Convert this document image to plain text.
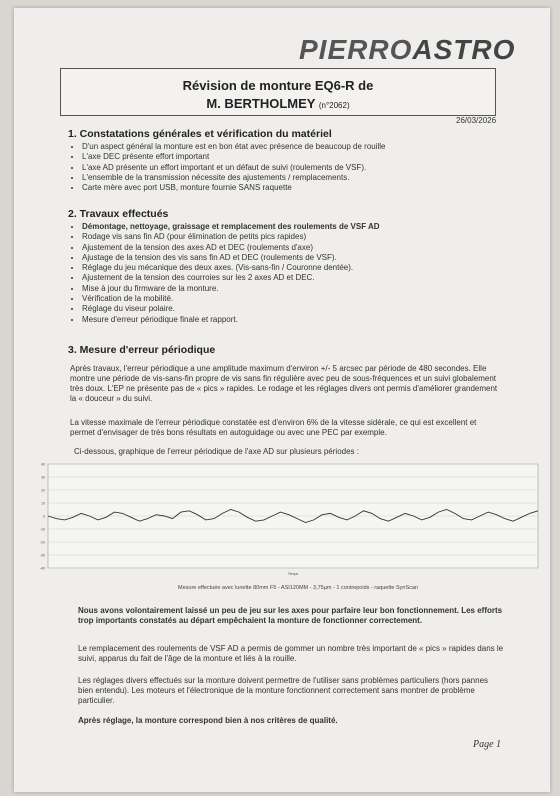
PIERROASTRO
Révision de monture EQ6-R de
M. BERTHOLMEY (n°2062)
26/03/2026
1. Constatations générales et vérification du matériel
• D'un aspect général la monture est en bon état avec présence de beaucoup de rouille
• L'axe DEC présente effort important
• L'axe AD présente un effort important et un défaut de suivi (roulements de VSF).
• L'ensemble de la transmission nécessite des ajustements / remplacements.
• Carte mère avec port USB, monture fournie SANS raquette
2. Travaux effectués
• Démontage, nettoyage, graissage et remplacement des roulements de VSF AD
• Rodage vis sans fin AD (pour élimination de petits pics rapides)
• Ajustement de la tension des axes AD et DEC (roulements d'axe)
• Ajustage de la tension des vis sans fin AD et DEC (roulements de VSF).
• Réglage du jeu mécanique des deux axes. (Vis-sans-fin / Couronne dentée).
• Ajustement de la tension des courroies sur les 2 axes AD et DEC.
• Mise à jour du firmware de la monture.
• Vérification de la mobilité.
• Réglage du viseur polaire.
• Mesure d'erreur périodique finale et rapport.
3. Mesure d'erreur périodique

Après travaux, l'erreur périodique a une amplitude maximum d'environ +/- 5 arcsec par période de 480 secondes. Elle montre une période de vis-sans-fin propre de vis sans fin régulière avec peu de sous-fréquences et un suivi globalement très doux. L'EP ne présente pas de « pics » rapides. Le rodage et les réglages divers ont permis d'améliorer grandement la « douceur » du suivi.

La vitesse maximale de l'erreur périodique constatée est d'environ 6% de la vitesse sidérale, ce qui est excellent et permet d'envisager de très bons résultats en autoguidage ou avec une PEC par exemple.

Ci-dessous, graphique de l'erreur périodique de l'axe AD sur plusieurs périodes :

40
30
20
10
0
-10
-20
-30
-40
Temps
Mesure effectuée avec lunette 80mm F5 - ASI120MM - 3,75µm - 1 contrepoids - raquette SynScan

Nous avons volontairement laissé un peu de jeu sur les axes pour parfaire leur bon fonctionnement. Les efforts trop importants constatés au départ empêchaient la monture de fonctionner correctement.

Le remplacement des roulements de VSF AD a permis de gommer un nombre très important de « pics » rapides dans le suivi, apparus du fait de l'âge de la monture et liés à la rouille.

Les réglages divers effectués sur la monture doivent permettre de l'utiliser sans problèmes particuliers (hors pannes bien entendu). Les moteurs et l'électronique de la monture fonctionnent correctement sans montrer de problème particulier.

Après réglage, la monture correspond bien à nos critères de qualité.

Page 1
